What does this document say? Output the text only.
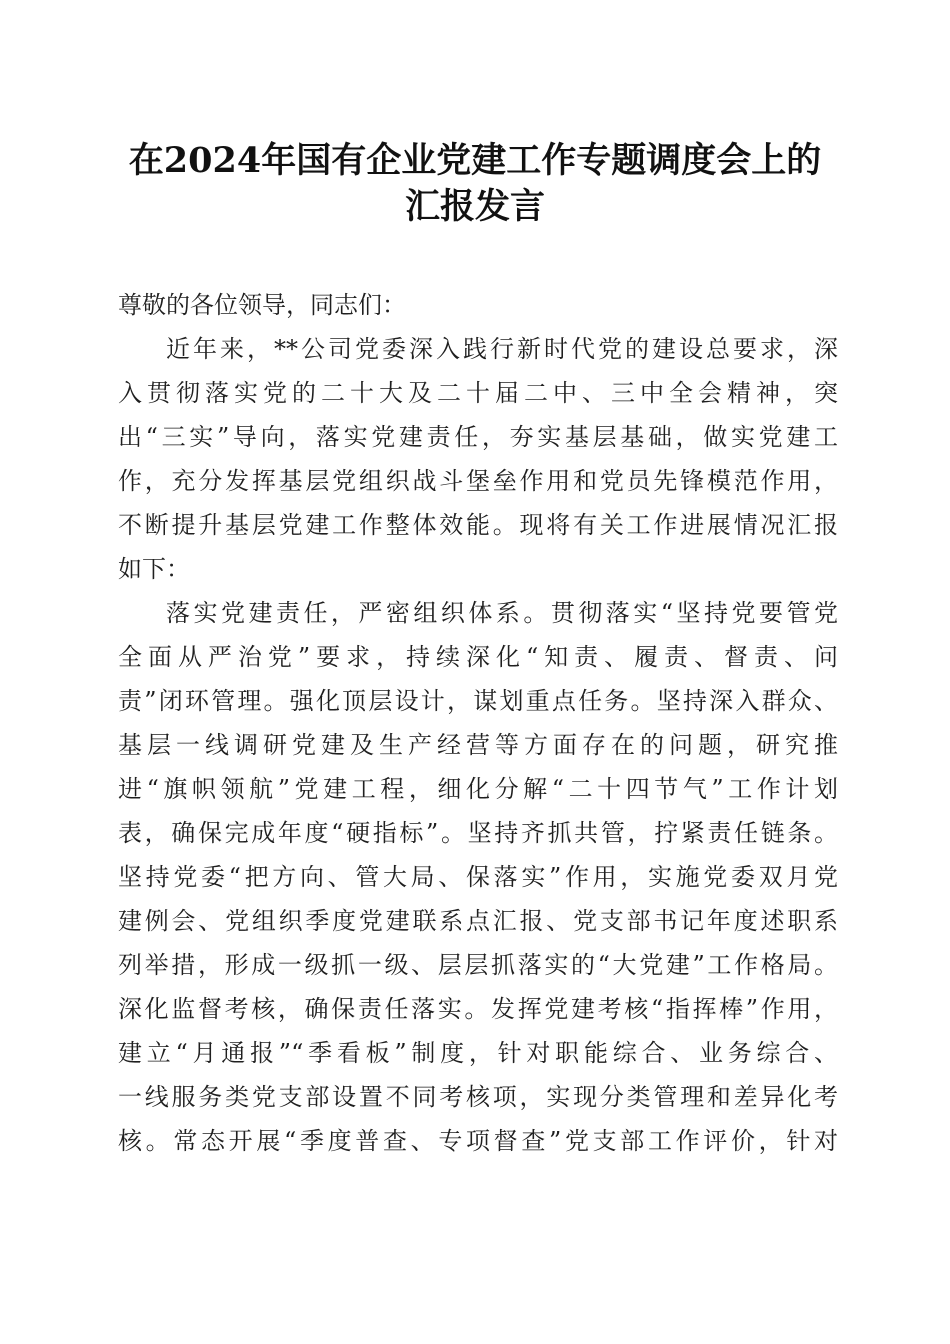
在2024年国有企业党建工作专题调度会上的
汇报发言
尊敬的各位领导，同志们：
近年来，**公司党委深入践行新时代党的建设总要求，深
入贯彻落实党的二十大及二十届二中、三中全会精神，突
出“三实”导向，落实党建责任，夯实基层基础，做实党建工
作，充分发挥基层党组织战斗堡垒作用和党员先锋模范作用，
不断提升基层党建工作整体效能。现将有关工作进展情况汇报
如下：
落实党建责任，严密组织体系。贯彻落实“坚持党要管党
全面从严治党”要求，持续深化“知责、履责、督责、问
责”闭环管理。强化顶层设计，谋划重点任务。坚持深入群众、
基层一线调研党建及生产经营等方面存在的问题，研究推
进“旗帜领航”党建工程，细化分解“二十四节气”工作计划
表，确保完成年度“硬指标”。坚持齐抓共管，拧紧责任链条。
坚持党委“把方向、管大局、保落实”作用，实施党委双月党
建例会、党组织季度党建联系点汇报、党支部书记年度述职系
列举措，形成一级抓一级、层层抓落实的“大党建”工作格局。
深化监督考核，确保责任落实。发挥党建考核“指挥棒”作用，
建立“月通报”“季看板”制度，针对职能综合、业务综合、
一线服务类党支部设置不同考核项，实现分类管理和差异化考
核。常态开展“季度普查、专项督查”党支部工作评价，针对
